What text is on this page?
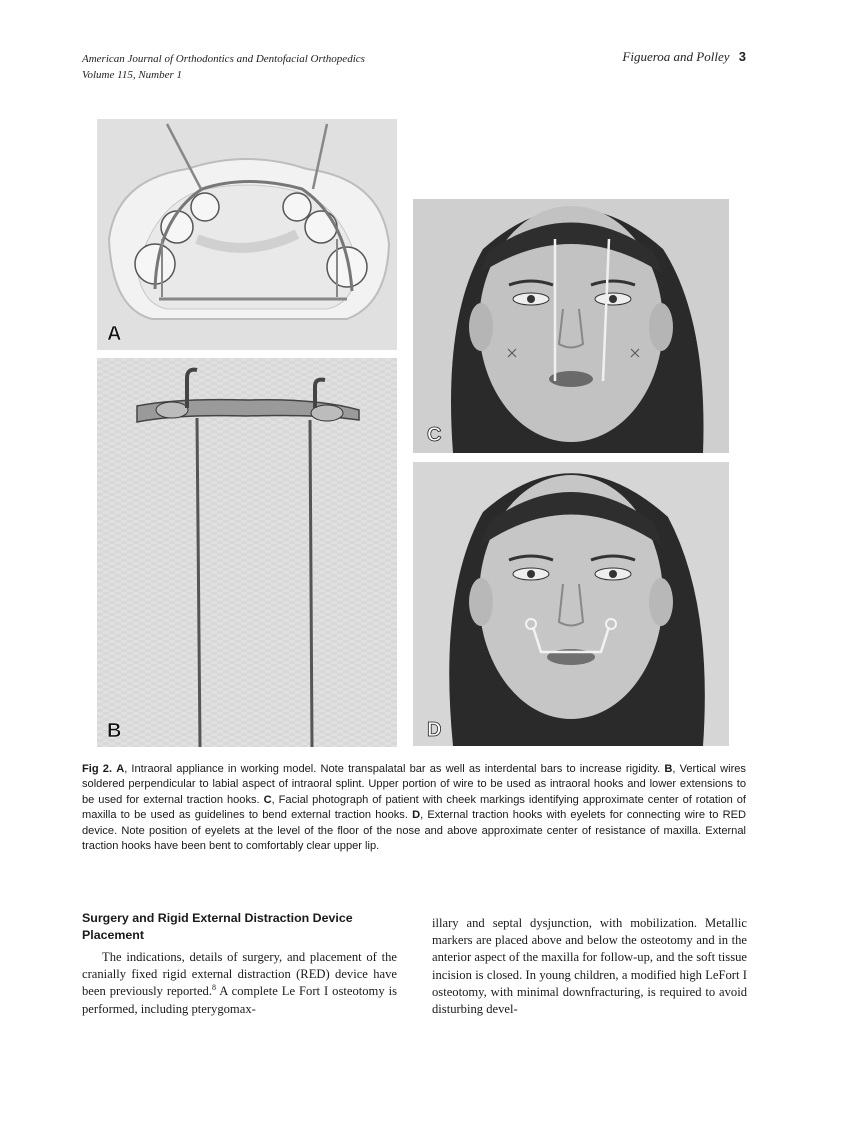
American Journal of Orthodontics and Dentofacial Orthopedics
Volume 115, Number 1
Figueroa and Polley 3
A
B
C
D
Fig 2. A, Intraoral appliance in working model. Note transpalatal bar as well as interdental bars to increase rigidity. B, Vertical wires soldered perpendicular to labial aspect of intraoral splint. Upper portion of wire to be used as intraoral hooks and lower extensions to be used for external traction hooks. C, Facial photograph of patient with cheek markings identifying approximate center of rotation of maxilla to be used as guidelines to bend external traction hooks. D, External traction hooks with eyelets for connecting wire to RED device. Note position of eyelets at the level of the floor of the nose and above approximate center of resistance of maxilla. External traction hooks have been bent to comfortably clear upper lip.
Surgery and Rigid External Distraction Device Placement

The indications, details of surgery, and placement of the cranially fixed rigid external distraction (RED) device have been previously reported.$^8$ A complete Le Fort I osteotomy is performed, including pterygomax-

illary and septal dysjunction, with mobilization. Metallic markers are placed above and below the osteotomy and in the anterior aspect of the maxilla for follow-up, and the soft tissue incision is closed. In young children, a modified high LeFort I osteotomy, with minimal downfracturing, is required to avoid disturbing devel-
